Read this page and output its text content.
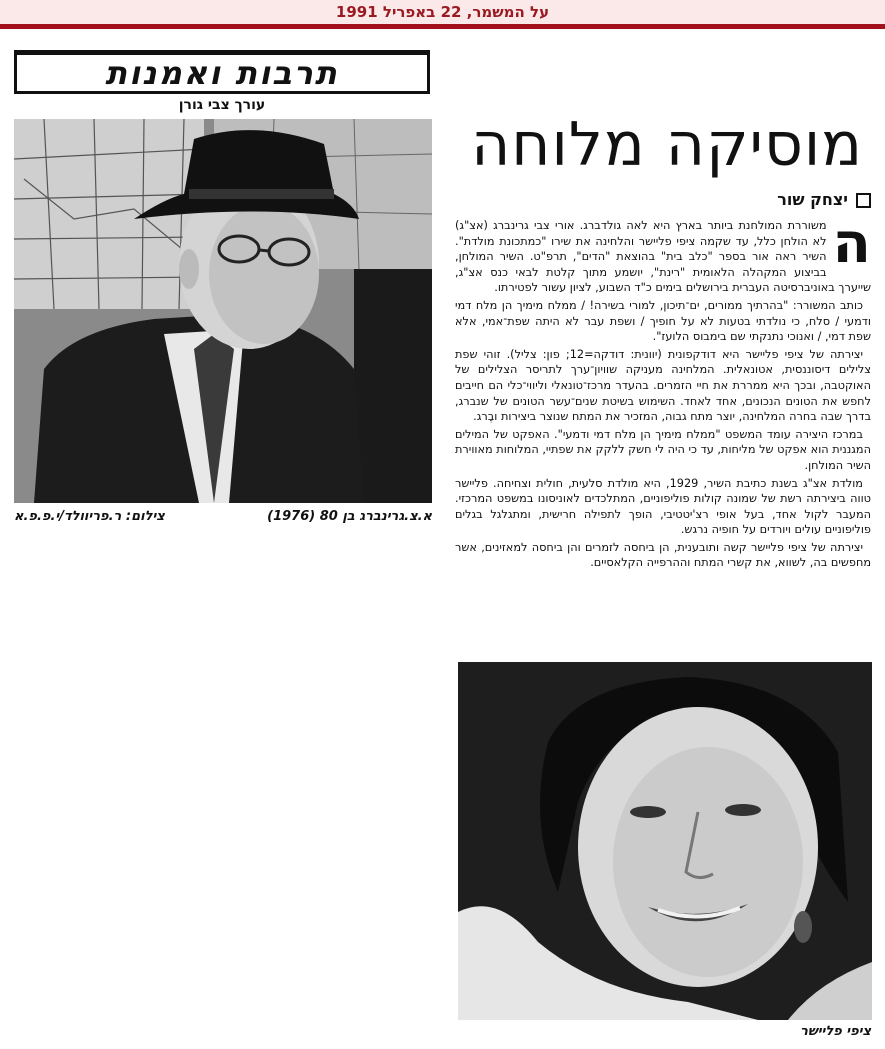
על המשמר, 22 באפריל 1991
תרבות ואמנות
עורך צבי גורן
א.צ.גרינברג בן 80 (1976)
צילום: ר.פריוולד/י.פ.פ.א
מוסיקה מלוחה
יצחק שור

ה
משוררת המולחנת ביותר בארץ היא לאה גולדברג. אורי צבי גרינברג (אצ"ג) לא הולחן כלל, עד שקמה ציפי פליישר והלחינה את שירו "כמתכונת מולדת". השיר ראה אור בספר "כלב בית" בהוצאת "הדים", תרפ"ט. השיר המולחן, בביצוע המקהלה הלאומית "רינת", יושמע מתוך קלטת לבאי כנס אצ"ג, שייערך באוניברסיטה העברית בירושלים בימים כ"ד השבוע, לציון עשור לפטירתו.

כותב המשורר: "בהרתיך ממורים, ים־תיכון, למורי בשירה! / ממלח מימיך הן מלח דמי ודמעי / סלח, כי נולדתי בטעות לא על חופיך / ושפת עבר לא היתה שפת־אמי, אלא שפת דמי, / ואנוכי נתנקתי שם בימבוס הלועז".

יצירתה של ציפי פליישר היא דודקפונית (יוונית: דודקה=12; פון: צליל). זוהי שפת צלילים דיסוננסית, אטונאלית. המלחינה מעניקה שוויון־ערך לתריסר הצלילים של האוקטבה, ובכך היא ממררת את חיי הזמרים. בהעדר מרכז־טונאלי וליווי־כלי הם חייבים לחפש את הטונים הנכונים, אחד לאחד. השימוש בשיטת שנים־עשר הטונים של שנברג, בדרך שבה בחרה המלחינה, יוצר מתח גבוה, המזכיר את המתח שנוצר ביצירות ובֶרג.

במרכז היצירה עומד המשפט "ממלח מימיך הן מלח דמי ודמעי". האפקט של המילים המגננית הוא אפקט של מליחות, עד כי היה לי חשק ללקק את שפתיי, המלוחות מאווירת השיר המולחן.

מולדת אצ"ג בשנת כתיבת השיר, 1929, היא מולדת סלעית, חולית וצחיחה. פליישר טווה ביצירתה רשת של שמונה קולות פוליפוניים, המתלכדים לאוניסונו במשפט המרכזי. המעבר לקול אחד, בעל אופי רצ'יטטיבי, הופך לתפילה חרישית, ומתגלגל בגלים פוליפוניים עולים ויורדים על חופיה נרגש.

יצירתה של ציפי פליישר קשה ותובענית, הן ביחסה לזמרים והן ביחסה למאזינים, אשר מחפשים בה, לשווא, את קשרי המתח וההרפייה הקלאסיים.

ציפי פליישר
